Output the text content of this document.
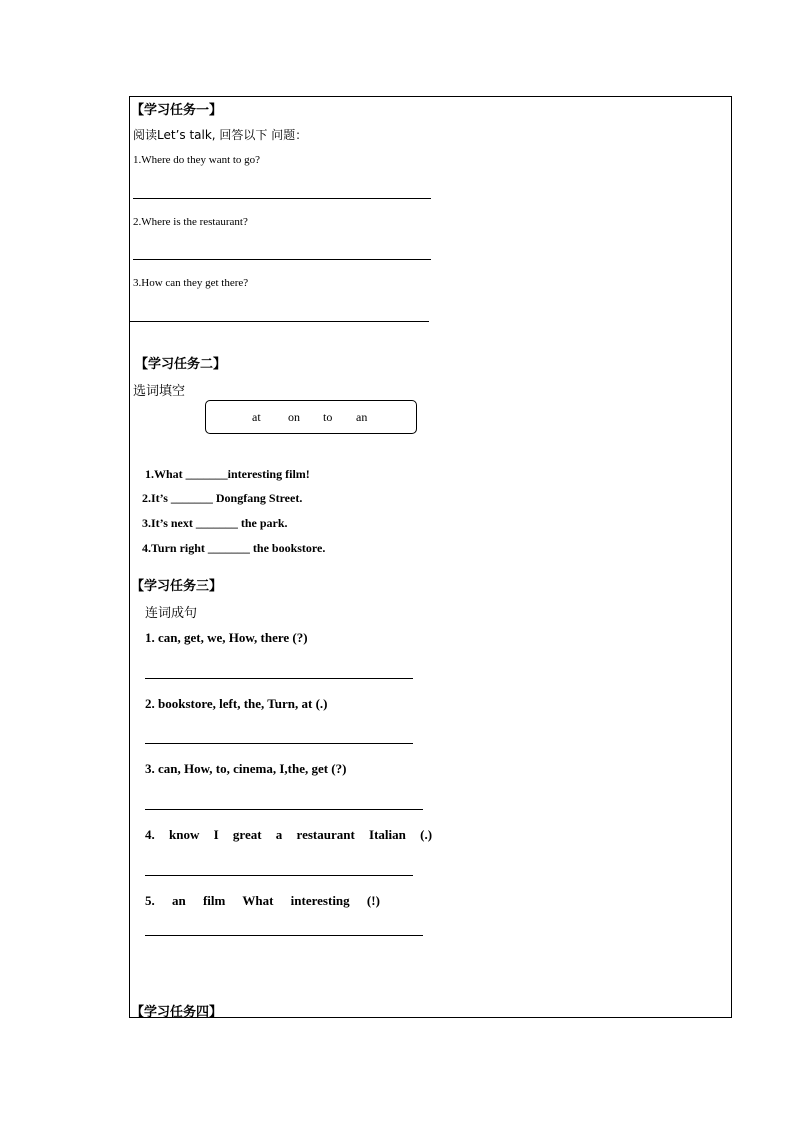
【学习任务一】
阅读Let’s talk, 回答以下 问题：
1.Where do they want to go?
2.Where is the restaurant?
3.How can they get there?
【学习任务二】
选词填空
at on to an
1.What _______interesting film!
2.It’s _______ Dongfang Street.
3.It’s next _______ the park.
4.Turn right _______ the bookstore.
【学习任务三】
连词成句
1. can, get, we, How, there (?)
2. bookstore, left, the, Turn, at (.)
3. can, How, to, cinema, I,the, get (?)
4. know I great a restaurant Italian (.)
5. an film What interesting (!)
【学习任务四】
